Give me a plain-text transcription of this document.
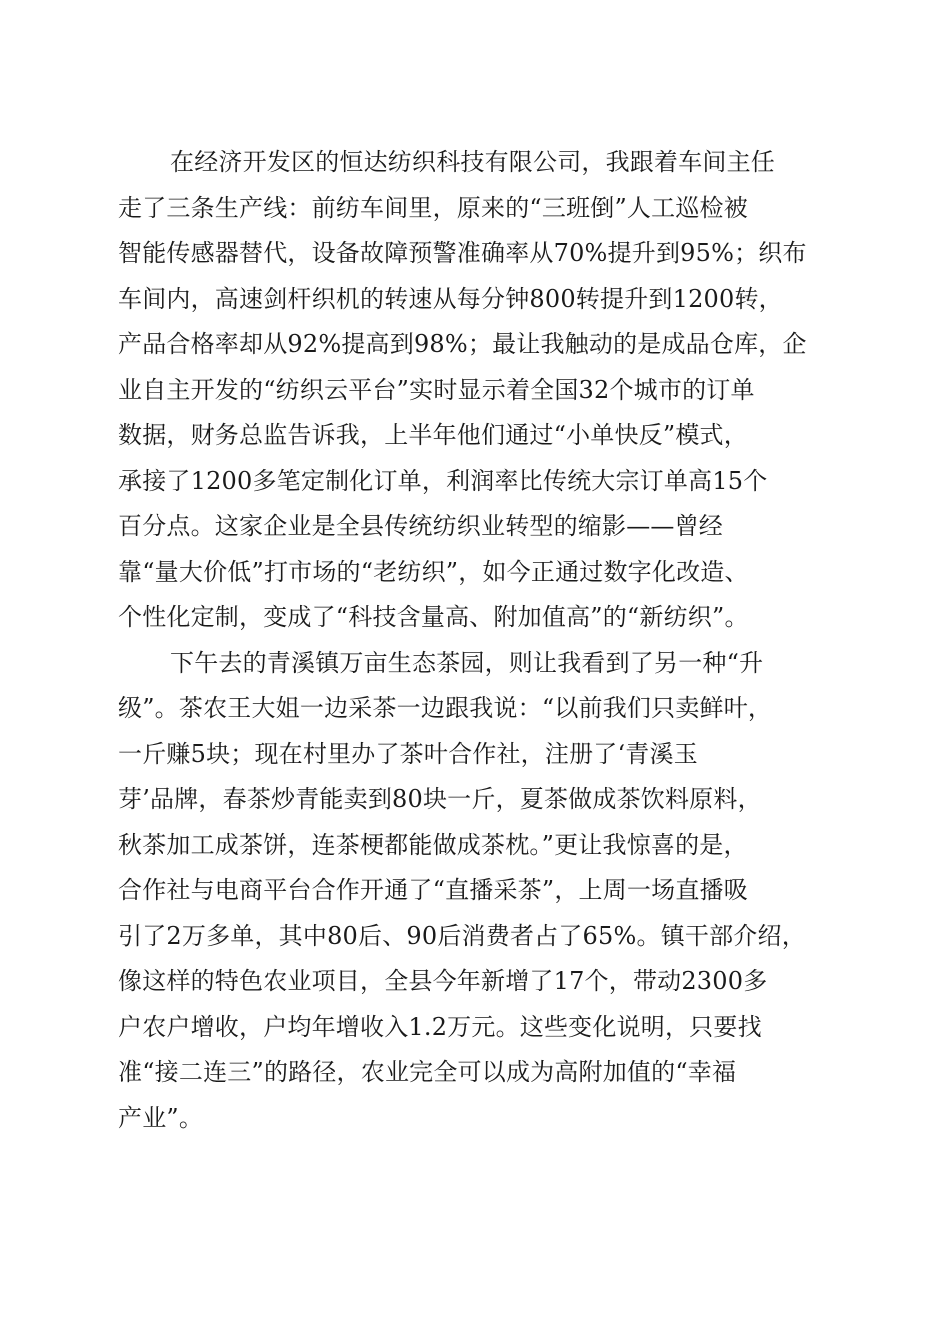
在经济开发区的恒达纺织科技有限公司，我跟着车间主任
走了三条生产线：前纺车间里，原来的“三班倒”人工巡检被
智能传感器替代，设备故障预警准确率从70%提升到95%；织布
车间内，高速剑杆织机的转速从每分钟800转提升到1200转，
产品合格率却从92%提高到98%；最让我触动的是成品仓库，企
业自主开发的“纺织云平台”实时显示着全国32个城市的订单
数据，财务总监告诉我，上半年他们通过“小单快反”模式，
承接了1200多笔定制化订单，利润率比传统大宗订单高15个
百分点。这家企业是全县传统纺织业转型的缩影——曾经
靠“量大价低”打市场的“老纺织”，如今正通过数字化改造、
个性化定制，变成了“科技含量高、附加值高”的“新纺织”。
下午去的青溪镇万亩生态茶园，则让我看到了另一种“升
级”。茶农王大姐一边采茶一边跟我说：“以前我们只卖鲜叶，
一斤赚5块；现在村里办了茶叶合作社，注册了‘青溪玉
芽’品牌，春茶炒青能卖到80块一斤，夏茶做成茶饮料原料，
秋茶加工成茶饼，连茶梗都能做成茶枕。”更让我惊喜的是，
合作社与电商平台合作开通了“直播采茶”，上周一场直播吸
引了2万多单，其中80后、90后消费者占了65%。镇干部介绍，
像这样的特色农业项目，全县今年新增了17个，带动2300多
户农户增收，户均年增收入1.2万元。这些变化说明，只要找
准“接二连三”的路径，农业完全可以成为高附加值的“幸福
产业”。
